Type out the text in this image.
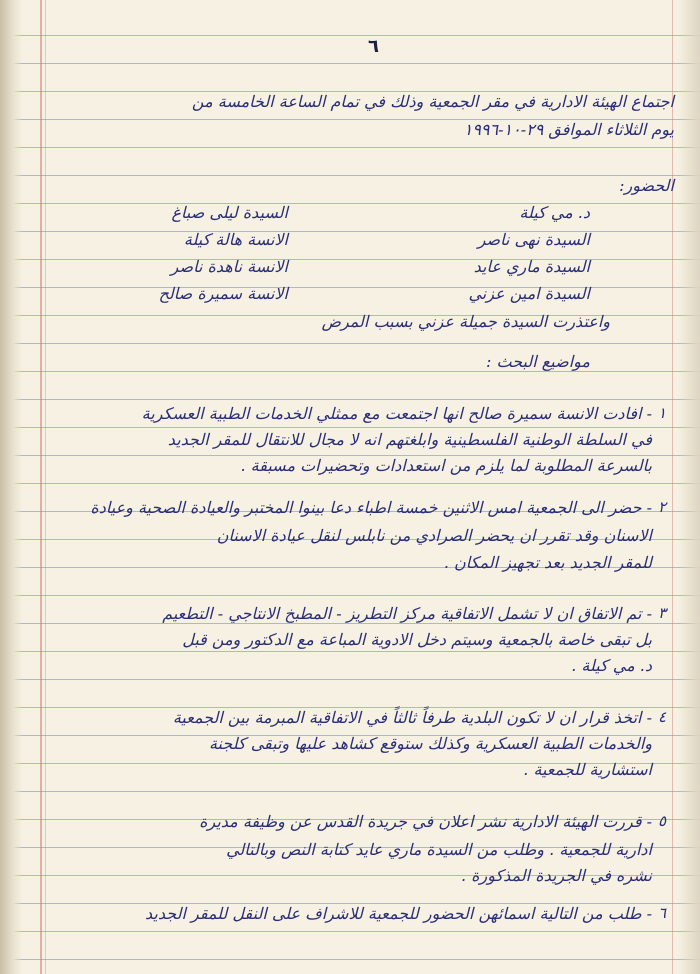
٦
اجتماع الهيئة الادارية في مقر الجمعية وذلك في تمام الساعة الخامسة من
يوم الثلاثاء الموافق ٢٩-١٠-١٩٩٦
الحضور:
د. مي كيلة
السيدة نهى ناصر
السيدة ماري عايد
السيدة امين عزني
السيدة ليلى صباغ
الانسة هالة كيلة
الانسة ناهدة ناصر
الانسة سميرة صالح
واعتذرت السيدة جميلة عزني بسبب المرض
مواضيع البحث :
١
- افادت الانسة سميرة صالح انها اجتمعت مع ممثلي الخدمات الطبية العسكرية
في السلطة الوطنية الفلسطينية وابلغتهم انه لا مجال للانتقال للمقر الجديد
بالسرعة المطلوبة لما يلزم من استعدادات وتحضيرات مسبقة .
٢
- حضر الى الجمعية امس الاثنين خمسة اطباء دعا بينوا المختبر والعيادة الصحية وعيادة
الاسنان وقد تقرر ان يحضر الصرادي من نابلس لنقل عيادة الاسنان
للمقر الجديد بعد تجهيز المكان .
٣
- تم الاتفاق ان لا تشمل الاتفاقية مركز التطريز - المطبخ الانتاجي - التطعيم
بل تبقى خاصة بالجمعية وسيتم دخل الادوية المباعة مع الدكتور ومن قبل
د. مي كيلة .
٤
- اتخذ قرار ان لا تكون البلدية طرفاً ثالثاً في الاتفاقية المبرمة بين الجمعية
والخدمات الطبية العسكرية وكذلك ستوقع كشاهد عليها وتبقى كلجنة
استشارية للجمعية .
٥
- قررت الهيئة الادارية نشر اعلان في جريدة القدس عن وظيفة مديرة
ادارية للجمعية . وطلب من السيدة ماري عايد كتابة النص وبالتالي
نشره في الجريدة المذكورة .
٦
- طلب من التالية اسمائهن الحضور للجمعية للاشراف على النقل للمقر الجديد
